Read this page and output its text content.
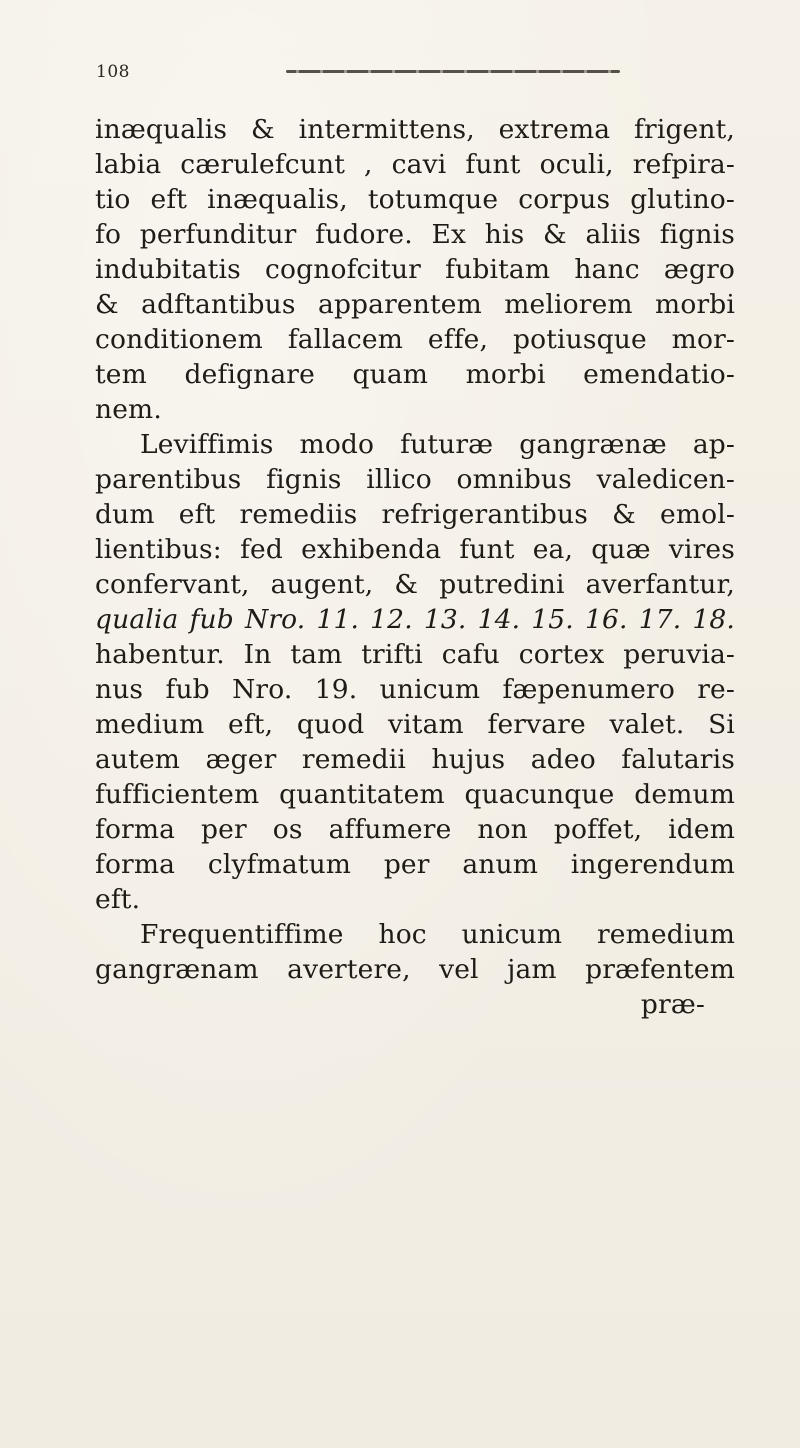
108
inæqualis & intermittens, extrema frigent,
labia cærulefcunt , cavi funt oculi, refpira-
tio eft inæqualis, totumque corpus glutino-
fo perfunditur fudore. Ex his & aliis fignis
indubitatis cognofcitur fubitam hanc ægro
& adftantibus apparentem meliorem morbi
conditionem fallacem effe, potiusque mor-
tem defignare quam morbi emendatio-
nem.
Leviffimis modo futuræ gangrænæ ap-
parentibus fignis illico omnibus valedicen-
dum eft remediis refrigerantibus & emol-
lientibus: fed exhibenda funt ea, quæ vires
confervant, augent, & putredini averfantur,
qualia fub Nro. 11. 12. 13. 14. 15. 16. 17. 18.
habentur. In tam trifti cafu cortex peruvia-
nus fub Nro. 19. unicum fæpenumero re-
medium eft, quod vitam fervare valet. Si
autem æger remedii hujus adeo falutaris
fufficientem quantitatem quacunque demum
forma per os affumere non poffet, idem
forma clyfmatum per anum ingerendum
eft.
Frequentiffime hoc unicum remedium
gangrænam avertere, vel jam præfentem
præ-
